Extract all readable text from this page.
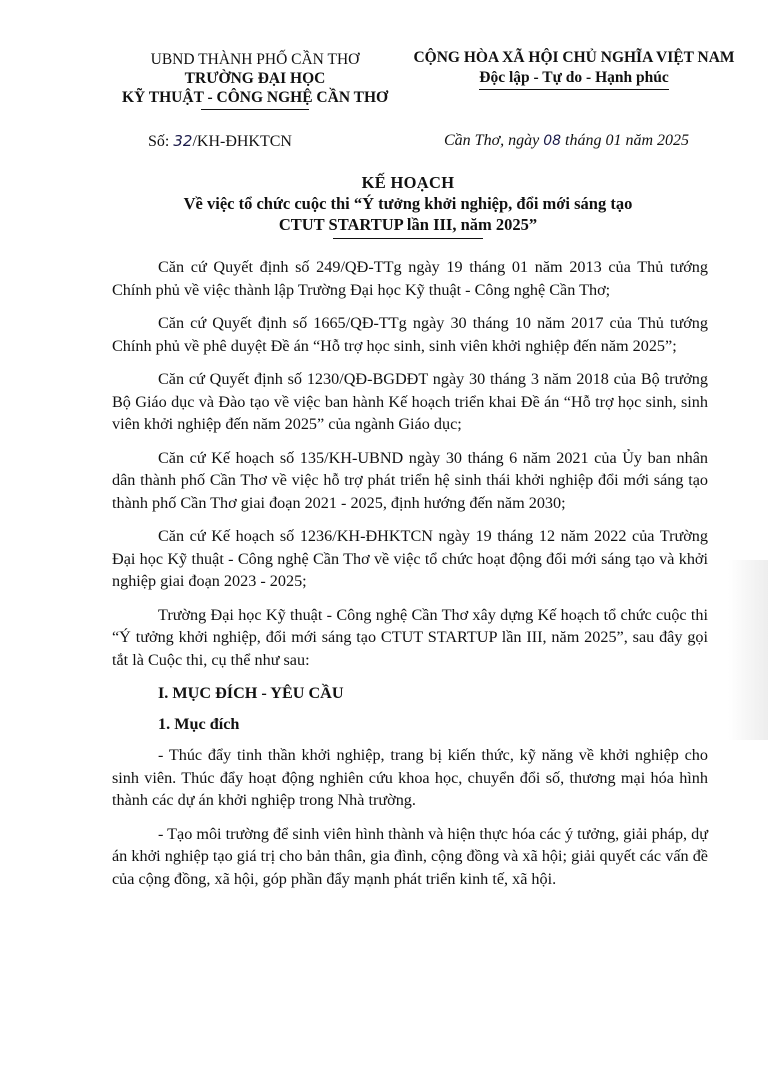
UBND THÀNH PHỐ CẦN THƠ
TRƯỜNG ĐẠI HỌC
KỸ THUẬT - CÔNG NGHỆ CẦN THƠ
CỘNG HÒA XÃ HỘI CHỦ NGHĨA VIỆT NAM
Độc lập - Tự do - Hạnh phúc
Số: 32/KH-ĐHKTCN	Cần Thơ, ngày 08 tháng 01 năm 2025
KẾ HOẠCH
Về việc tổ chức cuộc thi “Ý tưởng khởi nghiệp, đổi mới sáng tạo
CTUT STARTUP lần III, năm 2025”

Căn cứ Quyết định số 249/QĐ-TTg ngày 19 tháng 01 năm 2013 của Thủ tướng Chính phủ về việc thành lập Trường Đại học Kỹ thuật - Công nghệ Cần Thơ;

Căn cứ Quyết định số 1665/QĐ-TTg ngày 30 tháng 10 năm 2017 của Thủ tướng Chính phủ về phê duyệt Đề án “Hỗ trợ học sinh, sinh viên khởi nghiệp đến năm 2025”;

Căn cứ Quyết định số 1230/QĐ-BGDĐT ngày 30 tháng 3 năm 2018 của Bộ trưởng Bộ Giáo dục và Đào tạo về việc ban hành Kế hoạch triển khai Đề án “Hỗ trợ học sinh, sinh viên khởi nghiệp đến năm 2025” của ngành Giáo dục;

Căn cứ Kế hoạch số 135/KH-UBND ngày 30 tháng 6 năm 2021 của Ủy ban nhân dân thành phố Cần Thơ về việc hỗ trợ phát triển hệ sinh thái khởi nghiệp đổi mới sáng tạo thành phố Cần Thơ giai đoạn 2021 - 2025, định hướng đến năm 2030;

Căn cứ Kế hoạch số 1236/KH-ĐHKTCN ngày 19 tháng 12 năm 2022 của Trường Đại học Kỹ thuật - Công nghệ Cần Thơ về việc tổ chức hoạt động đổi mới sáng tạo và khởi nghiệp giai đoạn 2023 - 2025;

Trường Đại học Kỹ thuật - Công nghệ Cần Thơ xây dựng Kế hoạch tổ chức cuộc thi “Ý tưởng khởi nghiệp, đổi mới sáng tạo CTUT STARTUP lần III, năm 2025”, sau đây gọi tắt là Cuộc thi, cụ thể như sau:

I. MỤC ĐÍCH - YÊU CẦU
1. Mục đích

- Thúc đẩy tinh thần khởi nghiệp, trang bị kiến thức, kỹ năng về khởi nghiệp cho sinh viên. Thúc đẩy hoạt động nghiên cứu khoa học, chuyển đổi số, thương mại hóa hình thành các dự án khởi nghiệp trong Nhà trường.

- Tạo môi trường để sinh viên hình thành và hiện thực hóa các ý tưởng, giải pháp, dự án khởi nghiệp tạo giá trị cho bản thân, gia đình, cộng đồng và xã hội; giải quyết các vấn đề của cộng đồng, xã hội, góp phần đẩy mạnh phát triển kinh tế, xã hội.
